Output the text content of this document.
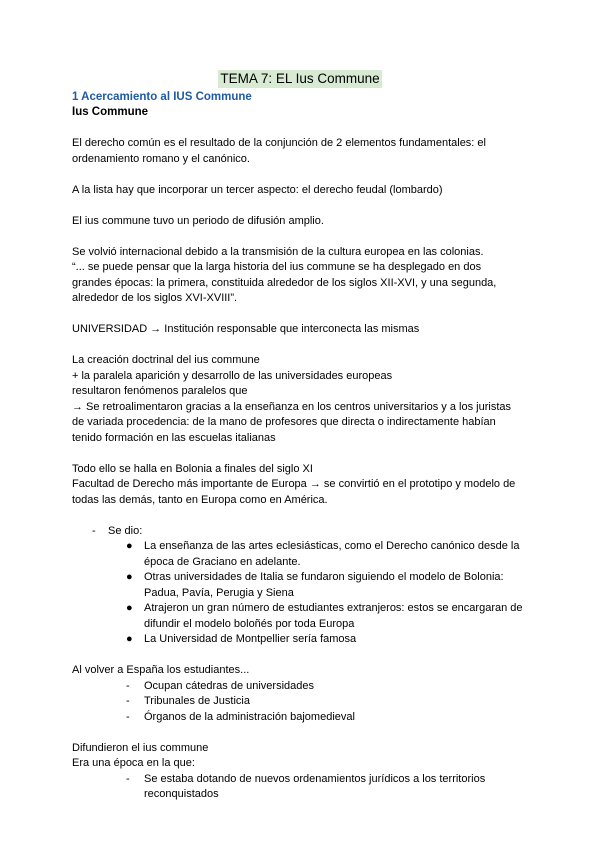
TEMA 7: EL Ius Commune
1 Acercamiento al IUS Commune
Ius Commune

El derecho común es el resultado de la conjunción de 2 elementos fundamentales: el
ordenamiento romano y el canónico.

A la lista hay que incorporar un tercer aspecto: el derecho feudal (lombardo)

El ius commune tuvo un periodo de difusión amplio.

Se volvió internacional debido a la transmisión de la cultura europea en las colonias.
“... se puede pensar que la larga historia del ius commune se ha desplegado en dos
grandes épocas: la primera, constituida alrededor de los siglos XII-XVI, y una segunda,
alrededor de los siglos XVI-XVIII”.

UNIVERSIDAD → Institución responsable que interconecta las mismas

La creación doctrinal del ius commune
+ la paralela aparición y desarrollo de las universidades europeas
resultaron fenómenos paralelos que
→ Se retroalimentaron gracias a la enseñanza en los centros universitarios y a los juristas
de variada procedencia: de la mano de profesores que directa o indirectamente habían
tenido formación en las escuelas italianas

Todo ello se halla en Bolonia a finales del siglo XI
Facultad de Derecho más importante de Europa → se convirtió en el prototipo y modelo de
todas las demás, tanto en Europa como en América.

- Se dio:
● La enseñanza de las artes eclesiásticas, como el Derecho canónico desde la
época de Graciano en adelante.
● Otras universidades de Italia se fundaron siguiendo el modelo de Bolonia:
Padua, Pavía, Perugia y Siena
● Atrajeron un gran número de estudiantes extranjeros: estos se encargaran de
difundir el modelo boloñés por toda Europa
● La Universidad de Montpellier sería famosa
Al volver a España los estudiantes...
- Ocupan cátedras de universidades
- Tribunales de Justicia
- Órganos de la administración bajomedieval
Difundieron el ius commune
Era una época en la que:
- Se estaba dotando de nuevos ordenamientos jurídicos a los territorios
reconquistados
